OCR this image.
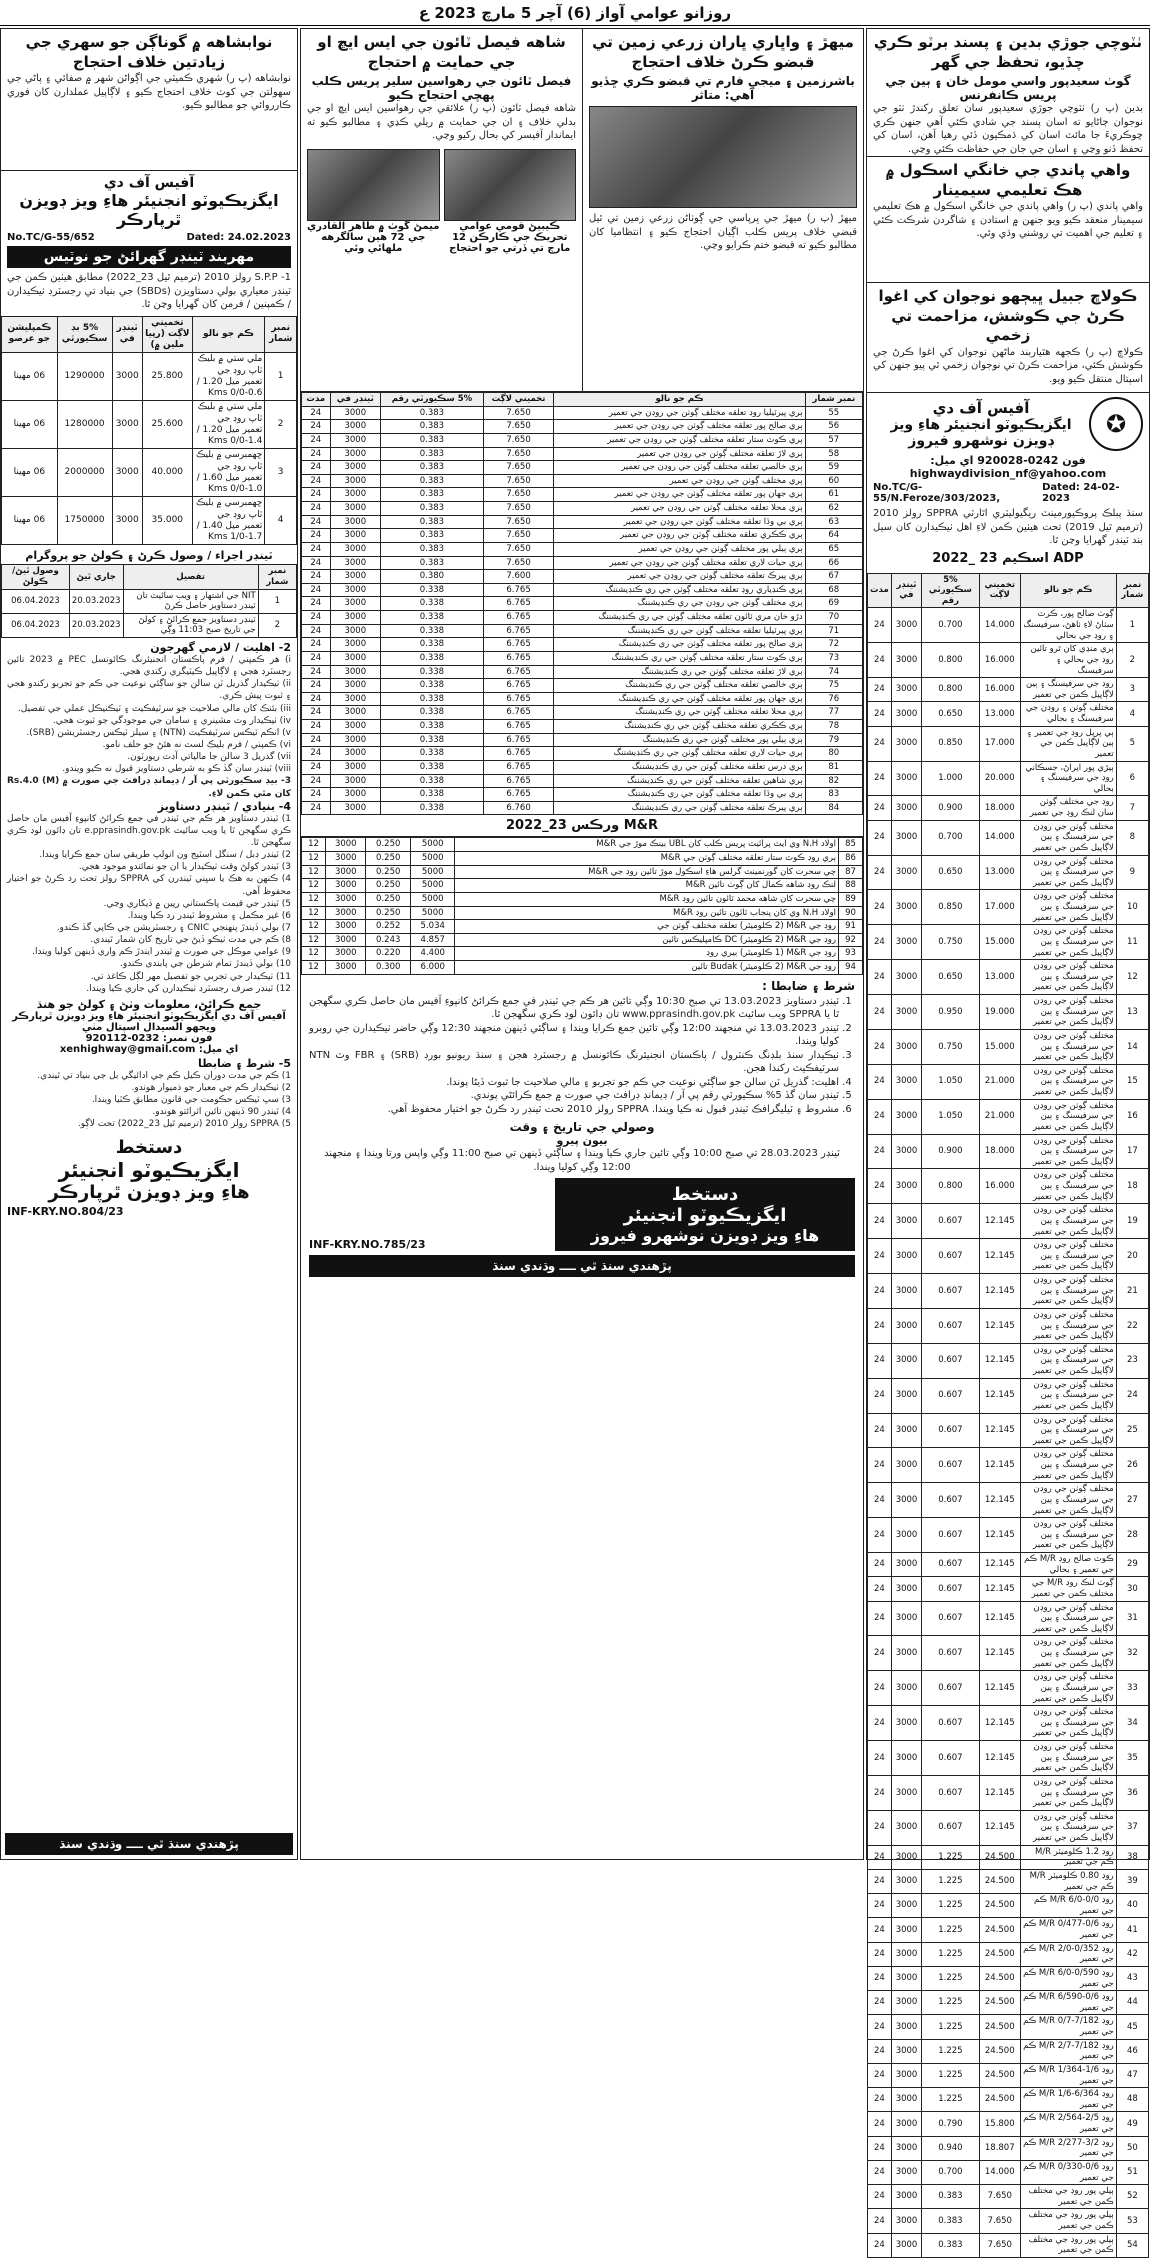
روزانو عوامي آواز (6) آچر 5 مارچ 2023 ع
ٺٽوچي جوڙي بدين ۽ پسند برٽو ڪري چڏيو، تحفظ جي گهر
گوٺ سعيدپور واسي مومل خان ۽ ٻين جي پريس ڪانفرنس
بدين (پ ر) ٺٽوچي جوڙي سعيدپور سان تعلق رکندڙ ٺٽو جي نوجوان ڄاڻايو ته اسان پسند جي شادي ڪئي آهي جنهن ڪري ڇوڪريءَ جا مائٽ اسان کي ڌمڪيون ڏئي رهيا آهن، اسان کي تحفظ ڏنو وڃي ۽ اسان جي جان جي حفاظت ڪئي وڃي.
واهي پاندي جي خانگي اسڪول ۾ هڪ تعليمي سيمينار
واهي پاندي (پ ر) واهي پاندي جي خانگي اسڪول ۾ هڪ تعليمي سيمينار منعقد ڪيو ويو جنهن ۾ استادن ۽ شاگردن شرڪت ڪئي ۽ تعليم جي اهميت تي روشني وڌي وئي.
ڪولاڇ جبيل ڀيڄهو نوجوان کي اغوا ڪرڻ جي ڪوشش، مزاحمت تي زخمي
ڪولاڇ (پ ر) ڪجهه هٿياربند ماڻهن نوجوان کي اغوا ڪرڻ جي ڪوشش ڪئي، مزاحمت ڪرڻ تي نوجوان زخمي ٿي پيو جنهن کي اسپتال منتقل ڪيو ويو.
✪
آفيس آف دي
ايگزيڪيوٽو انجنيئر هاءِ ويز ڊويزن نوشهرو فيروز
فون 0242-920028 اي ميل: highwaydivision_nf@yahoo.com
No.TC/G-55/N.Feroze/303/2023,
Dated: 24-02-2023
سنڌ پبلڪ پروڪيورمينٽ ريگيوليٽري اٿارٽي SPPRA رولز 2010 (ترميم ٿيل 2019) تحت هيٺين ڪمن لاءِ اهل ٺيڪيدارن کان سيل بند ٽينڊر گهرايا وڃن ٿا.
ADP اسڪيم 23 _2022
نمبر شمار	ڪم جو نالو	تخميني لاڳت	5% سڪيورٽي رقم	ٽينڊر في	مدت
1	ڳوٺ صالح پور، ڪرٽ سٺاڻ لاءِ ٺاهڻ، سرفيسنگ ۽ روڊ جي بحالي	14.000	0.700	3000	24
2	ٻري منڍي کان ٿرو تائين روڊ جي بحالي ۽ سرفيسنگ	16.000	0.800	3000	24
3	روڊ جي سرفيسنگ ۽ ٻين لاڳاپيل ڪمن جي تعمير	16.000	0.800	3000	24
4	مختلف ڳوٺن ۽ روڊن جي سرفيسنگ ۽ بحالي	13.000	0.650	3000	24
5	ٻي پرپل روڊ جي تعمير ۽ ٻين لاڳاپيل ڪمن جي تعمير	17.000	0.850	3000	24
6	ٻيڙي پور ايراڻ، جسڪاني روڊ جي سرفيسنگ ۽ بحالي	20.000	1.000	3000	24
7	روڊ جي مختلف ڳوٺن سان لنڪ روڊ جي تعمير	18.000	0.900	3000	24
8	مختلف ڳوٺن جي روڊن جي سرفيسنگ ۽ ٻين لاڳاپيل ڪمن جي تعمير	14.000	0.700	3000	24
9	مختلف ڳوٺن جي روڊن جي سرفيسنگ ۽ ٻين لاڳاپيل ڪمن جي تعمير	13.000	0.650	3000	24
10	مختلف ڳوٺن جي روڊن جي سرفيسنگ ۽ ٻين لاڳاپيل ڪمن جي تعمير	17.000	0.850	3000	24
11	مختلف ڳوٺن جي روڊن جي سرفيسنگ ۽ ٻين لاڳاپيل ڪمن جي تعمير	15.000	0.750	3000	24
12	مختلف ڳوٺن جي روڊن جي سرفيسنگ ۽ ٻين لاڳاپيل ڪمن جي تعمير	13.000	0.650	3000	24
13	مختلف ڳوٺن جي روڊن جي سرفيسنگ ۽ ٻين لاڳاپيل ڪمن جي تعمير	19.000	0.950	3000	24
14	مختلف ڳوٺن جي روڊن جي سرفيسنگ ۽ ٻين لاڳاپيل ڪمن جي تعمير	15.000	0.750	3000	24
15	مختلف ڳوٺن جي روڊن جي سرفيسنگ ۽ ٻين لاڳاپيل ڪمن جي تعمير	21.000	1.050	3000	24
16	مختلف ڳوٺن جي روڊن جي سرفيسنگ ۽ ٻين لاڳاپيل ڪمن جي تعمير	21.000	1.050	3000	24
17	مختلف ڳوٺن جي روڊن جي سرفيسنگ ۽ ٻين لاڳاپيل ڪمن جي تعمير	18.000	0.900	3000	24
18	مختلف ڳوٺن جي روڊن جي سرفيسنگ ۽ ٻين لاڳاپيل ڪمن جي تعمير	16.000	0.800	3000	24
19	مختلف ڳوٺن جي روڊن جي سرفيسنگ ۽ ٻين لاڳاپيل ڪمن جي تعمير	12.145	0.607	3000	24
20	مختلف ڳوٺن جي روڊن جي سرفيسنگ ۽ ٻين لاڳاپيل ڪمن جي تعمير	12.145	0.607	3000	24
21	مختلف ڳوٺن جي روڊن جي سرفيسنگ ۽ ٻين لاڳاپيل ڪمن جي تعمير	12.145	0.607	3000	24
22	مختلف ڳوٺن جي روڊن جي سرفيسنگ ۽ ٻين لاڳاپيل ڪمن جي تعمير	12.145	0.607	3000	24
23	مختلف ڳوٺن جي روڊن جي سرفيسنگ ۽ ٻين لاڳاپيل ڪمن جي تعمير	12.145	0.607	3000	24
24	مختلف ڳوٺن جي روڊن جي سرفيسنگ ۽ ٻين لاڳاپيل ڪمن جي تعمير	12.145	0.607	3000	24
25	مختلف ڳوٺن جي روڊن جي سرفيسنگ ۽ ٻين لاڳاپيل ڪمن جي تعمير	12.145	0.607	3000	24
26	مختلف ڳوٺن جي روڊن جي سرفيسنگ ۽ ٻين لاڳاپيل ڪمن جي تعمير	12.145	0.607	3000	24
27	مختلف ڳوٺن جي روڊن جي سرفيسنگ ۽ ٻين لاڳاپيل ڪمن جي تعمير	12.145	0.607	3000	24
28	مختلف ڳوٺن جي روڊن جي سرفيسنگ ۽ ٻين لاڳاپيل ڪمن جي تعمير	12.145	0.607	3000	24
29	ڪوٽ صالح روڊ M/R ڪم جي تعمير ۽ بحالي	12.145	0.607	3000	24
30	ڳوٺ لنڪ روڊ M/R جي مختلف ڪمن جي تعمير	12.145	0.607	3000	24
31	مختلف ڳوٺن جي روڊن جي سرفيسنگ ۽ ٻين لاڳاپيل ڪمن جي تعمير	12.145	0.607	3000	24
32	مختلف ڳوٺن جي روڊن جي سرفيسنگ ۽ ٻين لاڳاپيل ڪمن جي تعمير	12.145	0.607	3000	24
33	مختلف ڳوٺن جي روڊن جي سرفيسنگ ۽ ٻين لاڳاپيل ڪمن جي تعمير	12.145	0.607	3000	24
34	مختلف ڳوٺن جي روڊن جي سرفيسنگ ۽ ٻين لاڳاپيل ڪمن جي تعمير	12.145	0.607	3000	24
35	مختلف ڳوٺن جي روڊن جي سرفيسنگ ۽ ٻين لاڳاپيل ڪمن جي تعمير	12.145	0.607	3000	24
36	مختلف ڳوٺن جي روڊن جي سرفيسنگ ۽ ٻين لاڳاپيل ڪمن جي تعمير	12.145	0.607	3000	24
37	مختلف ڳوٺن جي روڊن جي سرفيسنگ ۽ ٻين لاڳاپيل ڪمن جي تعمير	12.145	0.607	3000	24
38	روڊ 1.2 ڪلوميٽر M/R ڪم جي تعمير	24.500	1.225	3000	24
39	روڊ 0.80 ڪلوميٽر M/R ڪم جي تعمير	24.500	1.225	3000	24
40	روڊ 0/0-6/0 M/R ڪم جي تعمير	24.500	1.225	3000	24
41	روڊ 0/6-0/477 M/R ڪم جي تعمير	24.500	1.225	3000	24
42	روڊ 0/352-2/0 M/R ڪم جي تعمير	24.500	1.225	3000	24
43	روڊ 0/590-6/0 M/R ڪم جي تعمير	24.500	1.225	3000	24
44	روڊ 0/6-6/590 M/R ڪم جي تعمير	24.500	1.225	3000	24
45	روڊ 7/182-0/7 M/R ڪم جي تعمير	24.500	1.225	3000	24
46	روڊ 7/182-2/7 M/R ڪم جي تعمير	24.500	1.225	3000	24
47	روڊ 1/6-1/364 M/R ڪم جي تعمير	24.500	1.225	3000	24
48	روڊ 6/364-1/6 M/R ڪم جي تعمير	24.500	1.225	3000	24
49	روڊ 2/5-2/564 M/R ڪم جي تعمير	15.800	0.790	3000	24
50	روڊ 3/2-2/277 M/R ڪم جي تعمير	18.807	0.940	3000	24
51	روڊ 0/6-0/330 M/R ڪم جي تعمير	14.000	0.700	3000	24
52	ٻيلي پور روڊ جي مختلف ڪمن جي تعمير	7.650	0.383	3000	24
53	ٻيلي پور روڊ جي مختلف ڪمن جي تعمير	7.650	0.383	3000	24
54	ٻيلي پور روڊ جي مختلف ڪمن جي تعمير	7.650	0.383	3000	24
ميهڙ ۽ واڀاري ڀاران زرعي زمين تي قبضو ڪرڻ خلاف احتجاج
باشرزمين ۽ ميجي فارم تي قبضو ڪري ڇڏيو آهي: متاثر
ميهڙ (پ ر) ميهڙ جي ڀرپاسي جي ڳوٺاڻن زرعي زمين تي ٿيل قبضي خلاف پريس ڪلب اڳيان احتجاج ڪيو ۽ انتظاميا کان مطالبو ڪيو ته قبضو ختم ڪرايو وڃي.
شاهه فيصل ٽائون جي ايس ايڇ او جي حمايت ۾ احتجاج
فيصل ٽائون جي رهواسين سلير پريس ڪلب پهچي احتجاج ڪيو
شاهه فيصل ٽائون (پ ر) علائقي جي رهواسين ايس ايڇ او جي بدلي خلاف ۽ ان جي حمايت ۾ ريلي ڪڍي ۽ مطالبو ڪيو ته ايماندار آفيسر کي بحال رکيو وڃي.
ڪيبيڻ قومي عوامي تحريڪ جي ڪارڪن 12 مارچ تي ڏرتي جو احتجاج
ميمڻ گوٺ ۾ طاهر القادري جي 72 هين سالگرهه ملهائي وئي
نمبر شمار	ڪم جو نالو	تخميني لاڳت	5% سڪيورٽي رقم	ٽينڊر في	مدت
55	ٻري پيرٽيليا روڊ تعلقه مختلف ڳوٺن جي روڊن جي تعمير	7.650	0.383	3000	24
56	ٻري صالح پور تعلقه مختلف ڳوٺن جي روڊن جي تعمير	7.650	0.383	3000	24
57	ٻري ڪوٽ ستار تعلقه مختلف ڳوٺن جي روڊن جي تعمير	7.650	0.383	3000	24
58	ٻري لاڙ تعلقه مختلف ڳوٺن جي روڊن جي تعمير	7.650	0.383	3000	24
59	ٻري خالصي تعلقه مختلف ڳوٺن جي روڊن جي تعمير	7.650	0.383	3000	24
60	ٻري مختلف ڳوٺن جي روڊن جي تعمير	7.650	0.383	3000	24
61	ٻري جهان پور تعلقه مختلف ڳوٺن جي روڊن جي تعمير	7.650	0.383	3000	24
62	ٻري محلا تعلقه مختلف ڳوٺن جي روڊن جي تعمير	7.650	0.383	3000	24
63	ٻري بي وڏا تعلقه مختلف ڳوٺن جي روڊن جي تعمير	7.650	0.383	3000	24
64	ٻري ڪڪري تعلقه مختلف ڳوٺن جي روڊن جي تعمير	7.650	0.383	3000	24
65	ٻري ٻيلي پور مختلف ڳوٺن جي روڊن جي تعمير	7.650	0.383	3000	24
66	ٻري حيات لاري تعلقه مختلف ڳوٺن جي روڊن جي تعمير	7.650	0.383	3000	24
67	ٻري پيرڪ تعلقه مختلف ڳوٺن جي روڊن جي تعمير	7.600	0.380	3000	24
68	ٻري ڪنڊياري روڊ تعلقه مختلف ڳوٺن جي ري ڪنڊيشننگ	6.765	0.338	3000	24
69	ٻري مختلف ڳوٺن جي روڊن جي ري ڪنڊيشننگ	6.765	0.338	3000	24
70	دڙو خان مري ٽائون تعلقه مختلف ڳوٺن جي ري ڪنڊيشننگ	6.765	0.338	3000	24
71	ٻري پيرٽيليا تعلقه مختلف ڳوٺن جي ري ڪنڊيشننگ	6.765	0.338	3000	24
72	ٻري صالح پور تعلقه مختلف ڳوٺن جي ري ڪنڊيشننگ	6.765	0.338	3000	24
73	ٻري ڪوٽ ستار تعلقه مختلف ڳوٺن جي ري ڪنڊيشننگ	6.765	0.338	3000	24
74	ٻري لاڙ تعلقه مختلف ڳوٺن جي ري ڪنڊيشننگ	6.765	0.338	3000	24
75	ٻري خالصي تعلقه مختلف ڳوٺن جي ري ڪنڊيشننگ	6.765	0.338	3000	24
76	ٻري جهان پور تعلقه مختلف ڳوٺن جي ري ڪنڊيشننگ	6.765	0.338	3000	24
77	ٻري محلا تعلقه مختلف ڳوٺن جي ري ڪنڊيشننگ	6.765	0.338	3000	24
78	ٻري ڪڪري تعلقه مختلف ڳوٺن جي ري ڪنڊيشننگ	6.765	0.338	3000	24
79	ٻري ٻيلي پور مختلف ڳوٺن جي ري ڪنڊيشننگ	6.765	0.338	3000	24
80	ٻري حيات لاري تعلقه مختلف ڳوٺن جي ري ڪنڊيشننگ	6.765	0.338	3000	24
81	ٻري درس تعلقه مختلف ڳوٺن جي ري ڪنڊيشننگ	6.765	0.338	3000	24
82	ٻري شاهين تعلقه مختلف ڳوٺن جي ري ڪنڊيشننگ	6.765	0.338	3000	24
83	ٻري بي وڏا تعلقه مختلف ڳوٺن جي ري ڪنڊيشننگ	6.765	0.338	3000	24
84	ٻري پيرڪ تعلقه مختلف ڳوٺن جي ري ڪنڊيشننگ	6.760	0.338	3000	24
M&R ورڪس 23_2022
85	اولاد N.H وي ايٽ پرائيٽ پريس ڪلب کان UBL بينڪ موڙ جي M&R	5000	0.250	3000	12
86	ٻري روڊ ڪوٽ ستار تعلقه مختلف ڳوٺن جي M&R	5000	0.250	3000	12
87	چي سحرت کان گورنمينٽ گرلس هاءِ اسڪول موڙ تائين روڊ جي M&R	5000	0.250	3000	12
88	لنڪ روڊ شاهه ڪمال کان ڳوٺ تائين M&R	5000	0.250	3000	12
89	چي سحرت کان شاهه محمد ٽائون تائين روڊ M&R	5000	0.250	3000	12
90	اولاد N.H وي کان پنجاب ٽائون تائين روڊ M&R	5000	0.250	3000	12
91	روڊ جي M&R (2 ڪلوميٽر) تعلقه مختلف ڳوٺن جي	5.034	0.252	3000	12
92	روڊ جي M&R (2 ڪلوميٽر) DC ڪامپليڪس تائين	4.857	0.243	3000	12
93	روڊ جي M&R (1 ڪلوميٽر) ٻيري روڊ	4.400	0.220	3000	12
94	روڊ جي M&R (2 ڪلوميٽر) Budak تائين	6.000	0.300	3000	12
شرط ۽ ضابطا :
1. ٽينڊر دستاويز 13.03.2023 تي صبح 10:30 وڳي تائين هر ڪم جي ٽينڊر في جمع ڪرائڻ کانپوءِ آفيس مان حاصل ڪري سگهجن ٿا يا SPPRA ويب سائيٽ www.pprasindh.gov.pk تان ڊائون لوڊ ڪري سگهجن ٿا.
2. ٽينڊر 13.03.2023 تي منجهند 12:00 وڳي تائين جمع ڪرايا ويندا ۽ ساڳئي ڏينهن منجهند 12:30 وڳي حاضر ٺيڪيدارن جي روبرو کوليا ويندا.
3. ٺيڪيدار سنڌ بلڊنگ ڪنٽرول / پاڪستان انجنيئرنگ ڪائونسل ۾ رجسٽرڊ هجن ۽ سنڌ ريونيو بورڊ (SRB) ۽ FBR وٽ NTN سرٽيفڪيٽ رکندا هجن.
4. اهليت: گذريل ٽن سالن جو ساڳئي نوعيت جي ڪم جو تجربو ۽ مالي صلاحيت جا ثبوت ڏيڻا پوندا.
5. ٽينڊر سان گڏ 5% سڪيورٽي رقم پي آر / ڊيمانڊ ڊرافٽ جي صورت ۾ جمع ڪرائڻي پوندي.
6. مشروط ۽ ٽيليگرافڪ ٽينڊر قبول نه ڪيا ويندا. SPPRA رولز 2010 تحت ٽينڊر رد ڪرڻ جو اختيار محفوظ آهي.
وصولي جي تاريخ ۽ وقت
بيون پيرو
ٽينڊر 28.03.2023 تي صبح 10:00 وڳي تائين جاري ڪيا ويندا ۽ ساڳئي ڏينهن تي صبح 11:00 وڳي واپس ورتا ويندا ۽ منجهند 12:00 وڳي کوليا ويندا.
دستخط
ايگزيڪيوٽو انجنيئر
هاءِ ويز ڊويزن نوشهرو فيروز
INF-KRY.NO.785/23
پڙهندي سنڌ ٿي ــــ وڌندي سنڌ
نوابشاهه ۾ گوناڳن جو سهري جي زيادتين خلاف احتجاج
نوابشاهه (پ ر) شهري ڪميٽي جي اڳواڻن شهر ۾ صفائي ۽ پاڻي جي سهولتن جي کوٽ خلاف احتجاج ڪيو ۽ لاڳاپيل عملدارن کان فوري ڪارروائي جو مطالبو ڪيو.
آفيس آف دي
ايگزيڪيوٽو انجنيئر هاءِ ويز ڊويزن
ٿرپارڪر
No.TC/G-55/652	Dated: 24.02.2023
مهربند ٽينڊر گهرائڻ جو نوٽيس
1- S.P.P رولز 2010 (ترميم ٿيل 23_2022) مطابق هيٺين ڪمن جي ٽينڊر معياري بولي دستاويزن (SBDs) جي بنياد تي رجسٽرڊ ٺيڪيدارن / ڪمپنين / فرمن کان گهرايا وڃن ٿا.
نمبر شمار	ڪم جو نالو	تخميني لاڳت (رپيا ملين ۾)	ٽينڊر في	5% بڊ سڪيورٽي	ڪمپليشن جو عرصو
1	ملي ستي ۾ بليڪ ٽاپ روڊ جي تعمير ميل 1.20 / 0.6-0/0 Kms	25.800	3000	1290000	06 مهينا
2	ملي ستي ۾ بليڪ ٽاپ روڊ جي تعمير ميل 1.20 / 1.4-0/0 Kms	25.600	3000	1280000	06 مهينا
3	ڇهمبرسي ۾ بليڪ ٽاپ روڊ جي تعمير ميل 1.60 / 1.0-0/0 Kms	40.000	3000	2000000	06 مهينا
4	ڇهمبرسي ۾ بليڪ ٽاپ روڊ جي تعمير ميل 1.40 / 1.7-1/0 Kms	35.000	3000	1750000	06 مهينا
ٽينڊر اجراء / وصول ڪرڻ ۽ ڪولڻ جو پروگرام
نمبر شمار	تفصيل	جاري ٿيڻ	وصول ٿيڻ/ ڪولڻ
1	NIT جي اشتهار ۽ ويب سائيٽ تان ٽينڊر دستاويز حاصل ڪرڻ	20.03.2023	06.04.2023
2	ٽينڊر دستاويز جمع ڪرائڻ ۽ کولڻ جي تاريخ صبح 11:03 وڳي	20.03.2023	06.04.2023
2- اهليت / لازمي گهرجون
i) هر ڪمپني / فرم پاڪستان انجنيئرنگ ڪائونسل PEC ۾ 2023 تائين رجسٽرڊ هجي ۽ لاڳاپيل ڪيٽيگري رکندي هجي.
ii) ٺيڪيدار گذريل ٽن سالن جو ساڳئي نوعيت جي ڪم جو تجربو رکندو هجي ۽ ثبوت پيش ڪري.
iii) بئنڪ کان مالي صلاحيت جو سرٽيفڪيٽ ۽ ٽيڪنيڪل عملي جي تفصيل.
iv) ٺيڪيدار وٽ مشينري ۽ سامان جي موجودگي جو ثبوت هجي.
v) انڪم ٽيڪس سرٽيفڪيٽ (NTN) ۽ سيلز ٽيڪس رجسٽريشن (SRB).
vi) ڪمپني / فرم بليڪ لسٽ نه هئڻ جو حلف نامو.
vii) گذريل 3 سالن جا مالياتي آڊٽ رپورٽون.
viii) ٽينڊر سان گڏ ڪو به شرطي دستاويز قبول نه ڪيو ويندو.
3- بيڊ سڪيورٽي پي آر / ڊيمانڊ ڊرافٽ جي صورت ۾ Rs.4.0 (M) کان مٿي ڪمن لاءِ.
4- بنيادي / ٽينڊر دستاويز
1) ٽينڊر دستاويز هر ڪم جي ٽينڊر في جمع ڪرائڻ کانپوءِ آفيس مان حاصل ڪري سگهجن ٿا يا ويب سائيٽ e.pprasindh.gov.pk تان ڊائون لوڊ ڪري سگهجن ٿا.
2) ٽينڊر ڊبل / سنگل اسٽيج ون انولپ طريقي سان جمع ڪرايا ويندا.
3) ٽينڊر کولڻ وقت ٺيڪيدار يا ان جو نمائندو موجود هجي.
4) ڪنهن به هڪ يا سڀني ٽينڊرن کي SPPRA رولز تحت رد ڪرڻ جو اختيار محفوظ آهي.
5) ٽينڊر جي قيمت پاڪستاني رپين ۾ ڏيکاري وڃي.
6) غير مڪمل ۽ مشروط ٽينڊر رد ڪيا ويندا.
7) بولي ڏيندڙ پنهنجي CNIC ۽ رجسٽريشن جي ڪاپي گڏ ڪندو.
8) ڪم جي مدت ٺيڪو ڏيڻ جي تاريخ کان شمار ٿيندي.
9) عوامي موڪل جي صورت ۾ ٽينڊر ايندڙ ڪم واري ڏينهن کوليا ويندا.
10) بولي ڏيندڙ تمام شرطن جي پابندي ڪندو.
11) ٺيڪيدار جي تجربي جو تفصيل مهر لڳل ڪاغذ تي.
12) ٽينڊر صرف رجسٽرڊ ٺيڪيدارن کي جاري ڪيا ويندا.
جمع ڪرائڻ، معلومات وٺڻ ۽ کولڻ جو هنڌ
آفيس آف دي ايگزيڪيوٽو انجنيئر هاءِ ويز ڊويزن ٿرپارڪر
ويجهو السيدال اسپتال مٺي
فون نمبر: 0232-920112
اي ميل: xenhighway@gmail.com
5- شرط ۽ ضابطا
1) ڪم جي مدت دوران ڪيل ڪم جي ادائيگي بل جي بنياد تي ٿيندي.
2) ٺيڪيدار ڪم جي معيار جو ذميوار هوندو.
3) سڀ ٽيڪس حڪومت جي قانون مطابق ڪٽيا ويندا.
4) ٽينڊر 90 ڏينهن تائين اثرائتو هوندو.
5) SPPRA رولز 2010 (ترميم ٿيل 23_2022) تحت لاڳو.
دستخط
ايگزيڪيوٽو انجنيئر
هاءِ ويز ڊويزن ٿرپارڪر
INF-KRY.NO.804/23
پڙهندي سنڌ ٿي ــــ وڌندي سنڌ
